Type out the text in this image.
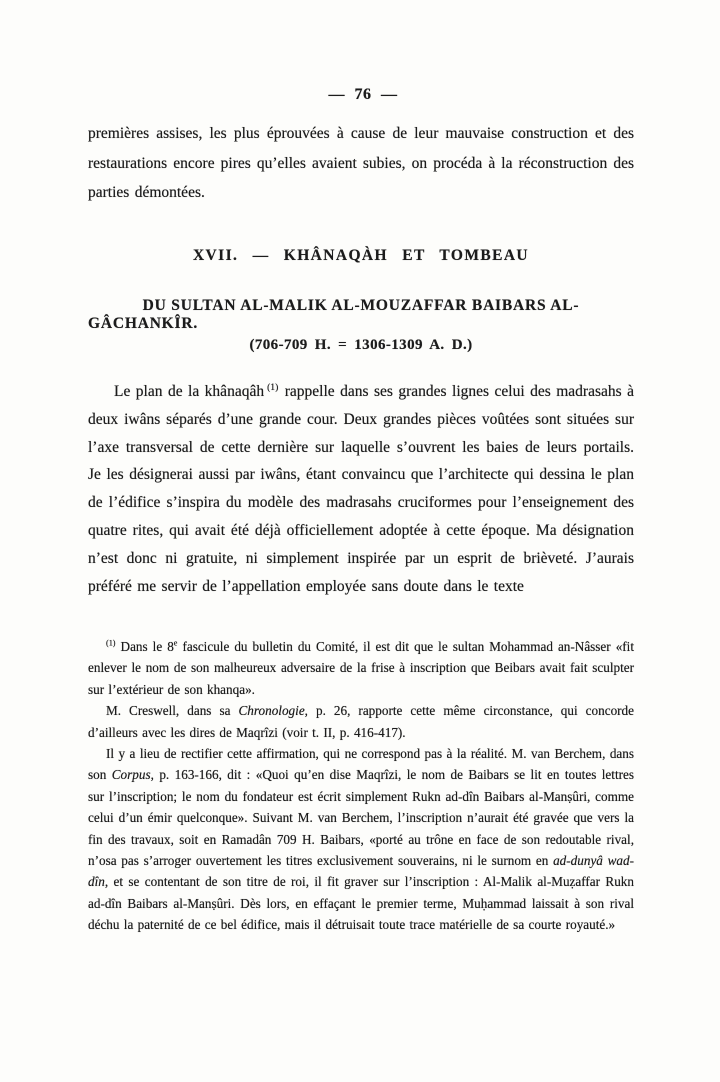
— 76 —

premières assises, les plus éprouvées à cause de leur mauvaise construction et des restaurations encore pires qu’elles avaient subies, on procéda à la réconstruction des parties démontées.

XVII. — KHÂNAQÀH ET TOMBEAU
DU SULTAN AL-MALIK AL-MOUZAFFAR BAIBARS AL-GÂCHANKÎR.
(706-709 H. = 1306-1309 A. D.)

Le plan de la khânaqâh $^{(1)}$ rappelle dans ses grandes lignes celui des madrasahs à deux iwâns séparés d’une grande cour. Deux grandes pièces voûtées sont situées sur l’axe transversal de cette dernière sur laquelle s’ouvrent les baies de leurs portails. Je les désignerai aussi par iwâns, étant convaincu que l’architecte qui dessina le plan de l’édifice s’inspira du modèle des madrasahs cruciformes pour l’enseignement des quatre rites, qui avait été déjà officiellement adoptée à cette époque. Ma désignation n’est donc ni gratuite, ni simplement inspirée par un esprit de brièveté. J’aurais préféré me servir de l’appellation employée sans doute dans le texte

$^{(1)}$ Dans le 8e fascicule du bulletin du Comité, il est dit que le sultan Mohammad an-Nâsser «fit enlever le nom de son malheureux adversaire de la frise à inscription que Beibars avait fait sculpter sur l’extérieur de son khanqa».

M. Creswell, dans sa Chronologie, p. 26, rapporte cette même circonstance, qui concorde d’ailleurs avec les dires de Maqrîzi (voir t. II, p. 416-417).

Il y a lieu de rectifier cette affirmation, qui ne correspond pas à la réalité. M. van Berchem, dans son Corpus, p. 163-166, dit : «Quoi qu’en dise Maqrîzi, le nom de Baibars se lit en toutes lettres sur l’inscription; le nom du fondateur est écrit simplement Rukn ad-dîn Baibars al-Manṣûri, comme celui d’un émir quelconque». Suivant M. van Berchem, l’inscription n’aurait été gravée que vers la fin des travaux, soit en Ramadân 709 H. Baibars, «porté au trône en face de son redoutable rival, n’osa pas s’arroger ouvertement les titres exclusivement souverains, ni le surnom en ad-dunyâ wad-dîn, et se contentant de son titre de roi, il fit graver sur l’inscription : Al-Malik al-Muẓaffar Rukn ad-dîn Baibars al-Manṣûri. Dès lors, en effaçant le premier terme, Muḥammad laissait à son rival déchu la paternité de ce bel édifice, mais il détruisait toute trace matérielle de sa courte royauté.»
